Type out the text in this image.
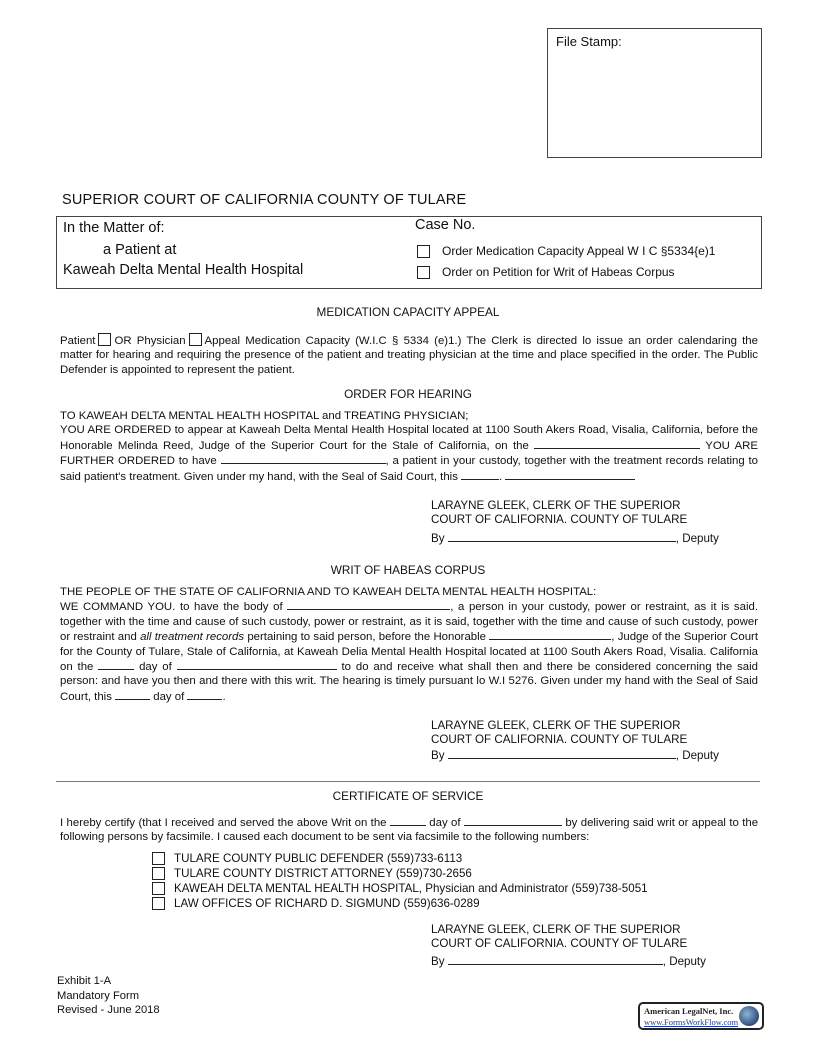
File Stamp:
SUPERIOR COURT OF CALIFORNIA COUNTY OF TULARE
In the Matter of:
a Patient at
Kaweah Delta Mental Health Hospital
Case No.
Order Medication Capacity Appeal W I C §5334{e)1
Order on Petition for Writ of Habeas Corpus
MEDICATION CAPACITY APPEAL

Patient OR Physician Appeal Medication Capacity (W.I.C § 5334 (e)1.) The Clerk is directed lo issue an order calendaring the matter for hearing and requiring the presence of the patient and treating physician at the time and place specified in the order. The Public Defender is appointed to represent the patient.

ORDER FOR HEARING

TO KAWEAH DELTA MENTAL HEALTH HOSPITAL and TREATING PHYSICIAN;

YOU ARE ORDERED to appear at Kaweah Delta Mental Health Hospital located at 1100 South Akers Road, Visalia, California, before the Honorable Melinda Reed, Judge of the Superior Court for the Stale of California, on the	YOU ARE FURTHER ORDERED to have	, a patient in your custody, together with the treatment records relating to said patient's treatment. Given under my hand, with the Seal of Said Court, this	.

LARAYNE GLEEK, CLERK OF THE SUPERIOR
COURT OF CALIFORNIA. COUNTY OF TULARE
By	, Deputy
WRIT OF HABEAS CORPUS

THE PEOPLE OF THE STATE OF CALIFORNIA AND TO KAWEAH DELTA MENTAL HEALTH HOSPITAL:

WE COMMAND YOU. to have the body of	, a person in your custody, power or restraint, as it is said. together with the time and cause of such custody, power or restraint, as it is said, together with the time and cause of such custody, power or restraint and all treatment records pertaining to said person, before the Honorable	, Judge of the Superior Court for the County of Tulare, Stale of California, at Kaweah Delia Mental Health Hospital located at 1100 South Akers Road, Visalia. California on the	day of	to do and receive what shall then and there be considered concerning the said person: and have you then and there with this writ. The hearing is timely pursuant lo W.I 5276. Given under my hand with the Seal of Said Court, this	day of	.

LARAYNE GLEEK, CLERK OF THE SUPERIOR
COURT OF CALIFORNIA. COUNTY OF TULARE
By	, Deputy
CERTIFICATE OF SERVICE

I hereby certify (that I received and served the above Writ on the	day of	by delivering said writ or appeal to the following persons by facsimile. I caused each document to be sent via facsimile to the following numbers:

TULARE COUNTY PUBLIC DEFENDER (559)733-6113
TULARE COUNTY DISTRICT ATTORNEY (559)730-2656
KAWEAH DELTA MENTAL HEALTH HOSPITAL, Physician and Administrator (559)738-5051
LAW OFFICES OF RICHARD D. SIGMUND (559)636-0289
LARAYNE GLEEK, CLERK OF THE SUPERIOR
COURT OF CALIFORNIA. COUNTY OF TULARE
By	, Deputy
Exhibit 1-A
Mandatory Form
Revised - June 2018	American LegalNet, Inc.
www.FormsWorkFlow.com
